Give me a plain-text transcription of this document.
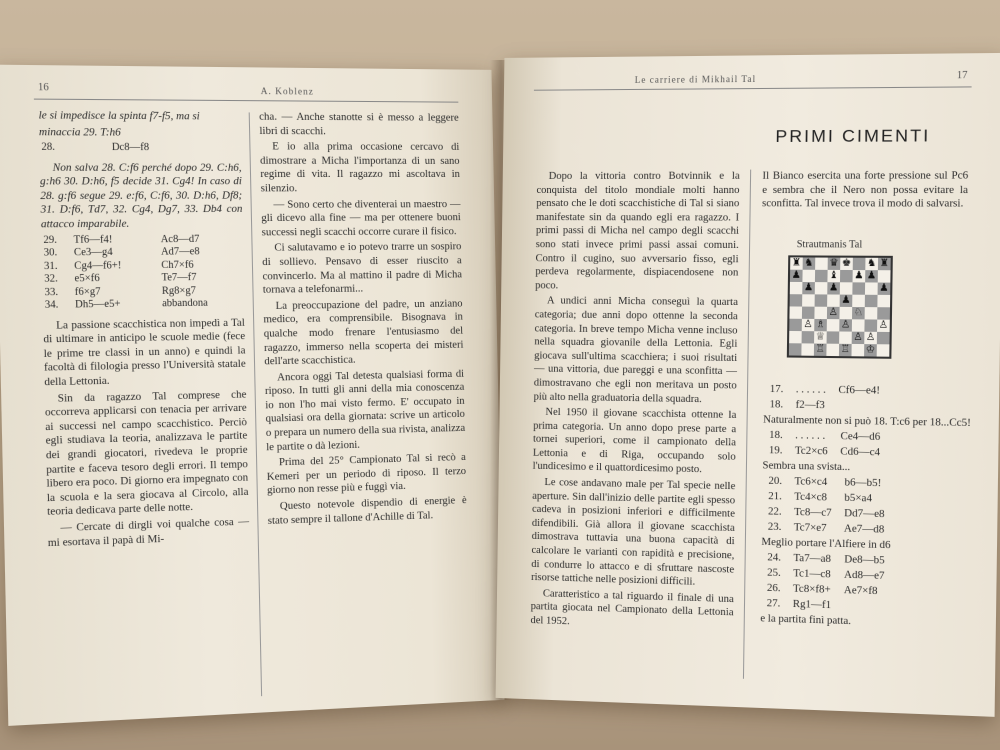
16	A. Koblenz

le si impedisce la spinta f7-f5, ma si

minaccia 29. T:h6

28.		Dc8—f8

Non salva 28. C:f6 perché dopo 29. C:h6, g:h6 30. D:h6, f5 decide 31. Cg4! In caso di 28. g:f6 segue 29. e:f6, C:f6, 30. D:h6, Df8; 31. D:f6, Td7, 32. Cg4, Dg7, 33. Db4 con attacco imparabile.

29.	Tf6—f4!	Ac8—d7
30.	Ce3—g4	Ad7—e8
31.	Cg4—f6+!	Ch7×f6
32.	e5×f6	Te7—f7
33.	f6×g7	Rg8×g7
34.	Dh5—e5+	abbandona

La passione scacchistica non impedì a Tal di ultimare in anticipo le scuole medie (fece le prime tre classi in un anno) e quindi la facoltà di filologia presso l'Università statale della Lettonia.

Sin da ragazzo Tal comprese che occorreva applicarsi con tenacia per arrivare ai successi nel campo scacchistico. Perciò egli studiava la teoria, analizzava le partite dei grandi giocatori, rivedeva le proprie partite e faceva tesoro degli errori. Il tempo libero era poco. Di giorno era impegnato con la scuola e la sera giocava al Circolo, alla teoria dedicava parte delle notte.

— Cercate di dirgli voi qualche cosa — mi esortava il papà di Mi-

cha. — Anche stanotte si è messo a leggere libri di scacchi.

E io alla prima occasione cercavo di dimostrare a Micha l'importanza di un sano regime di vita. Il ragazzo mi ascoltava in silenzio.

— Sono certo che diventerai un maestro — gli dicevo alla fine — ma per ottenere buoni successi negli scacchi occorre curare il fisico.

Ci salutavamo e io potevo trarre un sospiro di sollievo. Pensavo di esser riuscito a convincerlo. Ma al mattino il padre di Micha tornava a telefonarmi...

La preoccupazione del padre, un anziano medico, era comprensibile. Bisognava in qualche modo frenare l'entusiasmo del ragazzo, immerso nella scoperta dei misteri dell'arte scacchistica.

Ancora oggi Tal detesta qualsiasi forma di riposo. In tutti gli anni della mia conoscenza io non l'ho mai visto fermo. E' occupato in qualsiasi ora della giornata: scrive un articolo o prepara un numero della sua rivista, analizza le partite o dà lezioni.

Prima del 25° Campionato Tal si recò a Kemeri per un periodo di riposo. Il terzo giorno non resse più e fuggì via.

Questo notevole dispendio di energie è stato sempre il tallone d'Achille di Tal.

Le carriere di Mikhail Tal	17

Dopo la vittoria contro Botvinnik e la conquista del titolo mondiale molti hanno pensato che le doti scacchistiche di Tal si siano manifestate sin da quando egli era ragazzo. I primi passi di Micha nel campo degli scacchi sono stati invece primi passi assai comuni. Contro il cugino, suo avversario fisso, egli perdeva regolarmente, dispiacendosene non poco.

A undici anni Micha conseguì la quarta categoria; due anni dopo ottenne la seconda categoria. In breve tempo Micha venne incluso nella squadra giovanile della Lettonia. Egli giocava sull'ultima scacchiera; i suoi risultati — una vittoria, due pareggi e una sconfitta — dimostravano che egli non meritava un posto più alto nella graduatoria della squadra.

Nel 1950 il giovane scacchista ottenne la prima categoria. Un anno dopo prese parte a tornei superiori, come il campionato della Lettonia e di Riga, occupando solo l'undicesimo e il quattordicesimo posto.

Le cose andavano male per Tal specie nelle aperture. Sin dall'inizio delle partite egli spesso cadeva in posizioni inferiori e difficilmente difendibili. Già allora il giovane scacchista dimostrava tuttavia una buona capacità di calcolare le varianti con rapidità e precisione, di condurre lo attacco e di sfruttare nascoste risorse tattiche nelle posizioni difficili.

Caratteristico a tal riguardo il finale di una partita giocata nel Campionato della Lettonia del 1952.

PRIMI CIMENTI

Il Bianco esercita una forte pressione sul Pc6 e sembra che il Nero non possa evitare la sconfitta. Tal invece trova il modo di salvarsi.

Strautmanis Tal
♜ ♞ ♛ ♚ ♞ ♜
♟	♝ ♟ ♟
♟ ♟	♟
♟
♙ ♘
♙ ♗ ♙	♙
♕	♙ ♙
♖ ♖ ♔
17.	. . . . . .	Cf6—e4!
18.	f2—f3	
Naturalmente non si può 18. T:c6 per 18...Cc5!
18.	. . . . . .	Ce4—d6
19.	Tc2×c6	Cd6—c4
Sembra una svista...
20.	Tc6×c4	b6—b5!
21.	Tc4×c8	b5×a4
22.	Tc8—c7	Dd7—e8
23.	Tc7×e7	Ae7—d8
Meglio portare l'Alfiere in d6
24.	Ta7—a8	De8—b5
25.	Tc1—c8	Ad8—e7
26.	Tc8×f8+	Ae7×f8
27.	Rg1—f1	
e la partita finì patta.
